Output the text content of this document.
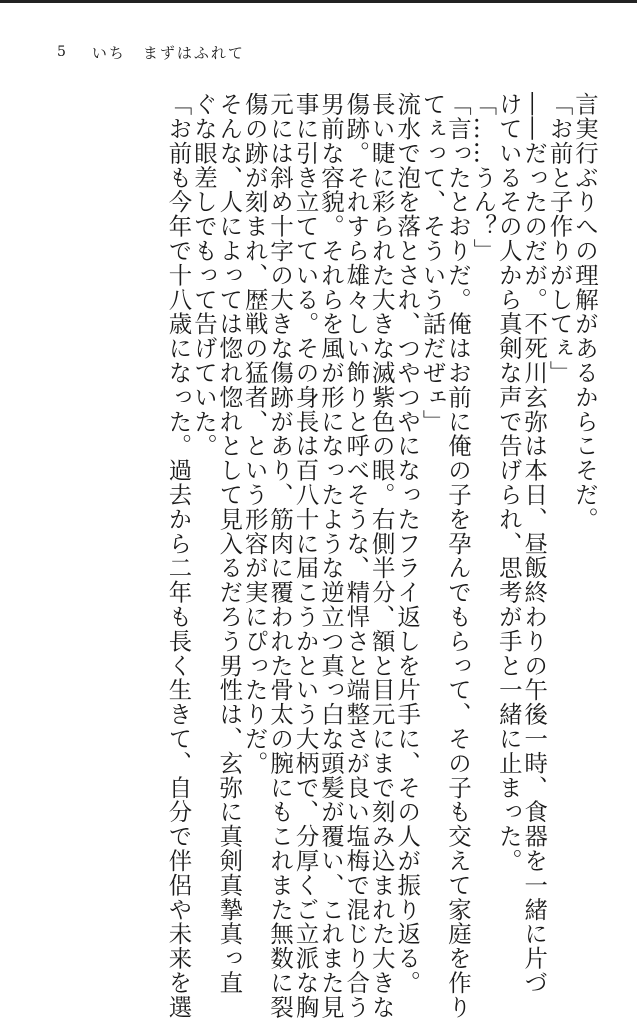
5 いち　まずはふれて

言実行ぶりへの理解があるからこそだ。

「お前と子作りがしてぇ」

――だったのだが。不死川玄弥は本日、昼飯終わりの午後一時、食器を一緒に片づ

けているその人から真剣な声で告げられ、思考が手と一緒に止まった。

「……うん？」

「言ったとおりだ。俺はお前に俺の子を孕んでもらって、その子も交えて家庭を作り

てぇって、そういう話だぜェ」

流水で泡を落とされ、つやつやになったフライ返しを片手に、その人が振り返る。

長い睫に彩られた大きな滅紫色の眼。右側半分、額と目元にまで刻み込まれた大きな

傷跡。それすら雄々しい飾りと呼べそうな、精悍さと端整さが良い塩梅で混じり合う

男前な容貌。それらを風が形になったような逆立つ真っ白な頭髪が覆い、これまた見

事に引き立てている。その身長は百八十に届こうかという大柄で、分厚くご立派な胸

元には斜め十字の大きな傷跡があり、筋肉に覆われた骨太の腕にもこれまた無数に裂

傷の跡が刻まれ、歴戦の猛者、という形容が実にぴったりだ。

そんな、人によっては惚れ惚れとして見入るだろう男性は、玄弥に真剣真摯真っ直

ぐな眼差しでもって告げていた。

「お前も今年で十八歳になった。過去から二年も長く生きて、自分で伴侶や未来を選
